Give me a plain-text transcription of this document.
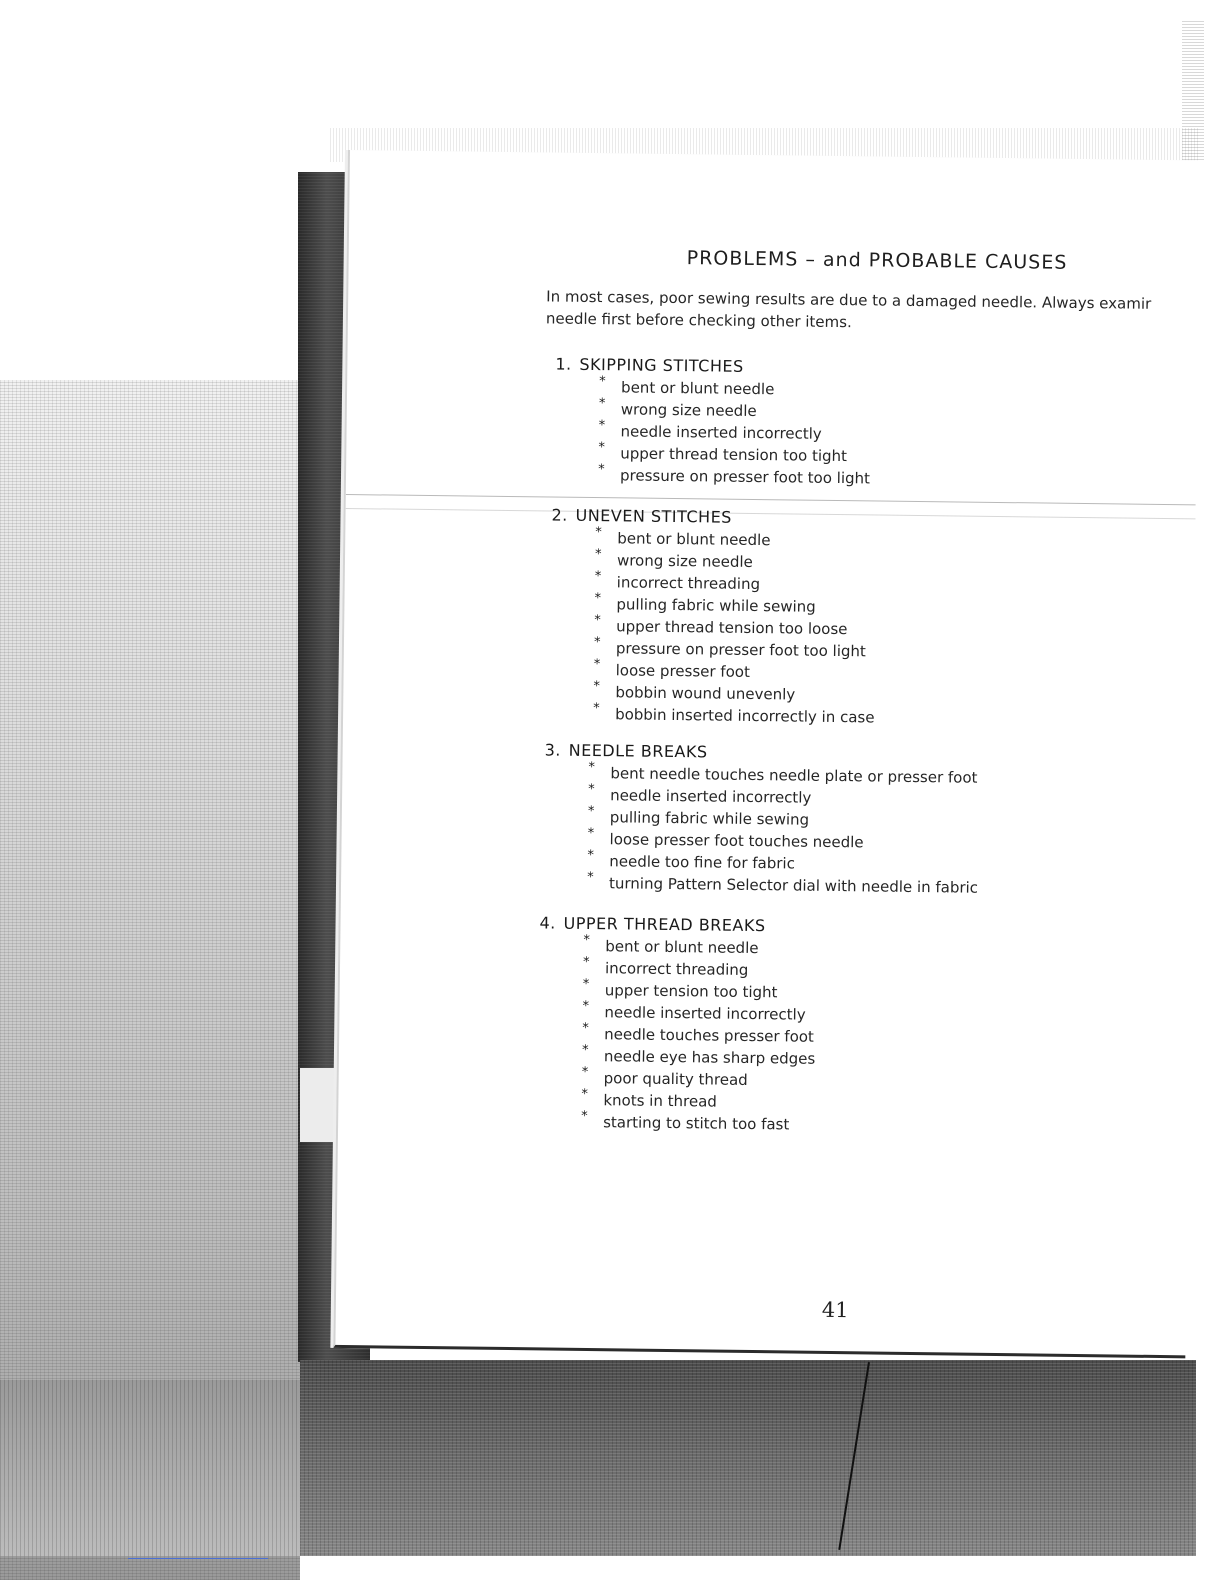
PROBLEMS – and PROBABLE CAUSES

In most cases, poor sewing results are due to a damaged needle. Always examir
needle first before checking other items.

1. SKIPPING STITCHES
* bent or blunt needle
* wrong size needle
* needle inserted incorrectly
* upper thread tension too tight
* pressure on presser foot too light
2. UNEVEN STITCHES
* bent or blunt needle
* wrong size needle
* incorrect threading
* pulling fabric while sewing
* upper thread tension too loose
* pressure on presser foot too light
* loose presser foot
* bobbin wound unevenly
* bobbin inserted incorrectly in case
3. NEEDLE BREAKS
* bent needle touches needle plate or presser foot
* needle inserted incorrectly
* pulling fabric while sewing
* loose presser foot touches needle
* needle too fine for fabric
* turning Pattern Selector dial with needle in fabric
4. UPPER THREAD BREAKS
* bent or blunt needle
* incorrect threading
* upper tension too tight
* needle inserted incorrectly
* needle touches presser foot
* needle eye has sharp edges
* poor quality thread
* knots in thread
* starting to stitch too fast

41
